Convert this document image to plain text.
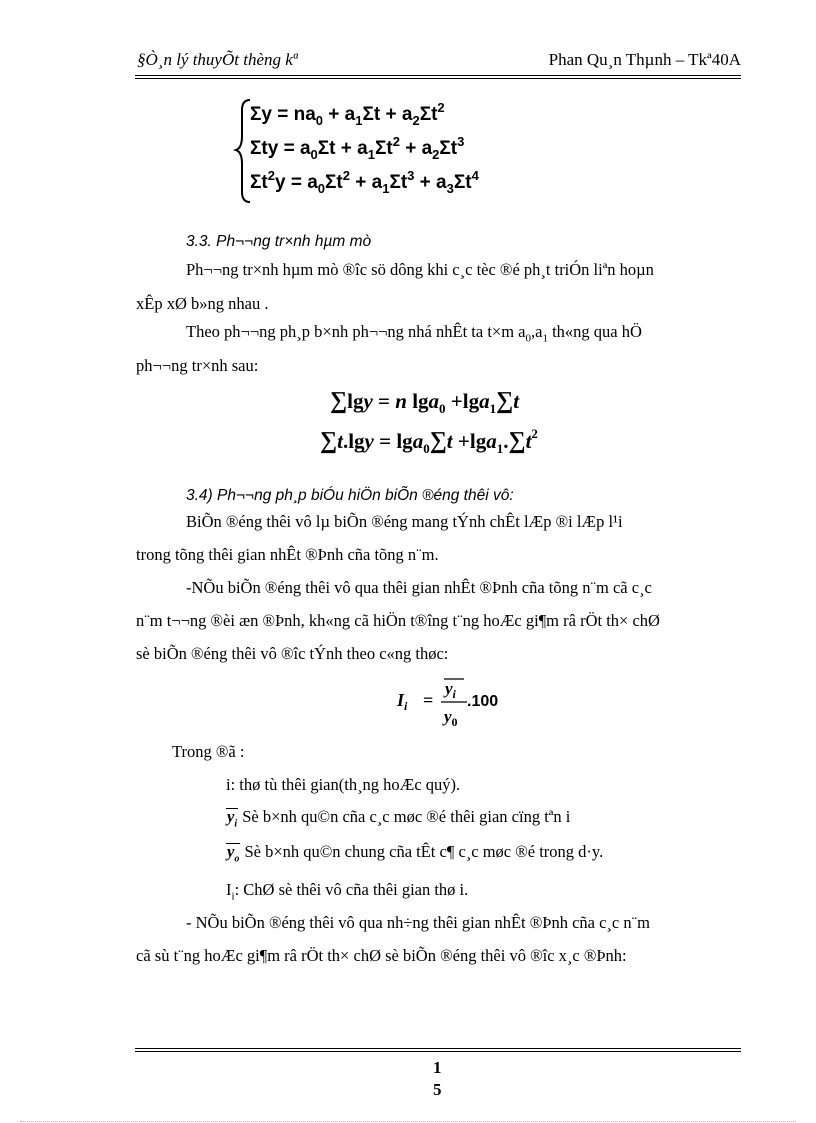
§Ò¸n lý thuyÕt thèng kª	Phan Qu¸n Thµnh – Tkª40A
$\Sigma y = na_0 + a_1\Sigma t + a_2\Sigma t^2$
$\Sigma ty = a_0\Sigma t + a_1\Sigma t^2 + a_2\Sigma t^3$
$\Sigma t^2y = a_0\Sigma t^2 + a_1\Sigma t^3 + a_3\Sigma t^4$
3.3. Ph¬¬ng tr×nh hµm mò
Ph¬¬ng tr×nh hµm mò ®îc sö dông khi c¸c tèc ®é ph¸t triÓn liªn hoµn
xÊp xØ b»ng nhau .
Theo ph¬¬ng ph¸p b×nh ph¬¬ng nhá nhÊt ta t×m $a_0,a_1$ th«ng qua hÖ
ph¬¬ng tr×nh sau:
∑lgy = n lga$_0$ +lga$_1$∑t
$\sum t.\lg y = \lg a_0\sum t +\lg a_1.\sum t^2$
3.4) Ph¬¬ng ph¸p biÓu hiÖn biÕn ®éng thêi vô:
BiÕn ®éng thêi vô lµ biÕn ®éng mang tÝnh chÊt lÆp ®i lÆp l¹i
trong tõng thêi gian nhÊt ®Þnh cña tõng n¨m.
-NÕu biÕn ®éng thêi vô qua thêi gian nhÊt ®Þnh cña tõng n¨m cã c¸c
n¨m t¬¬ng ®èi æn ®Þnh, kh«ng cã hiÖn t®îng t¨ng hoÆc gi¶m râ rÖt th× chØ
sè biÕn ®éng thêi vô ®îc tÝnh theo c«ng thøc:
$I_i$ =
$y_i$
$y_0$
.100
Trong ®ã :
i: thø tù thêi gian(th¸ng hoÆc quý).
$y_i$ Sè b×nh qu©n cña c¸c møc ®é thêi gian cïng tªn i
$y_o$ Sè b×nh qu©n chung cña tÊt c¶ c¸c møc ®é trong d·y.
$I_i$: ChØ sè thêi vô cña thêi gian thø i.
- NÕu biÕn ®éng thêi vô qua nh÷ng thêi gian nhÊt ®Þnh cña c¸c n¨m
cã sù t¨ng hoÆc gi¶m râ rÖt th× chØ sè biÕn ®éng thêi vô ®îc x¸c ®Þnh:
1
5
